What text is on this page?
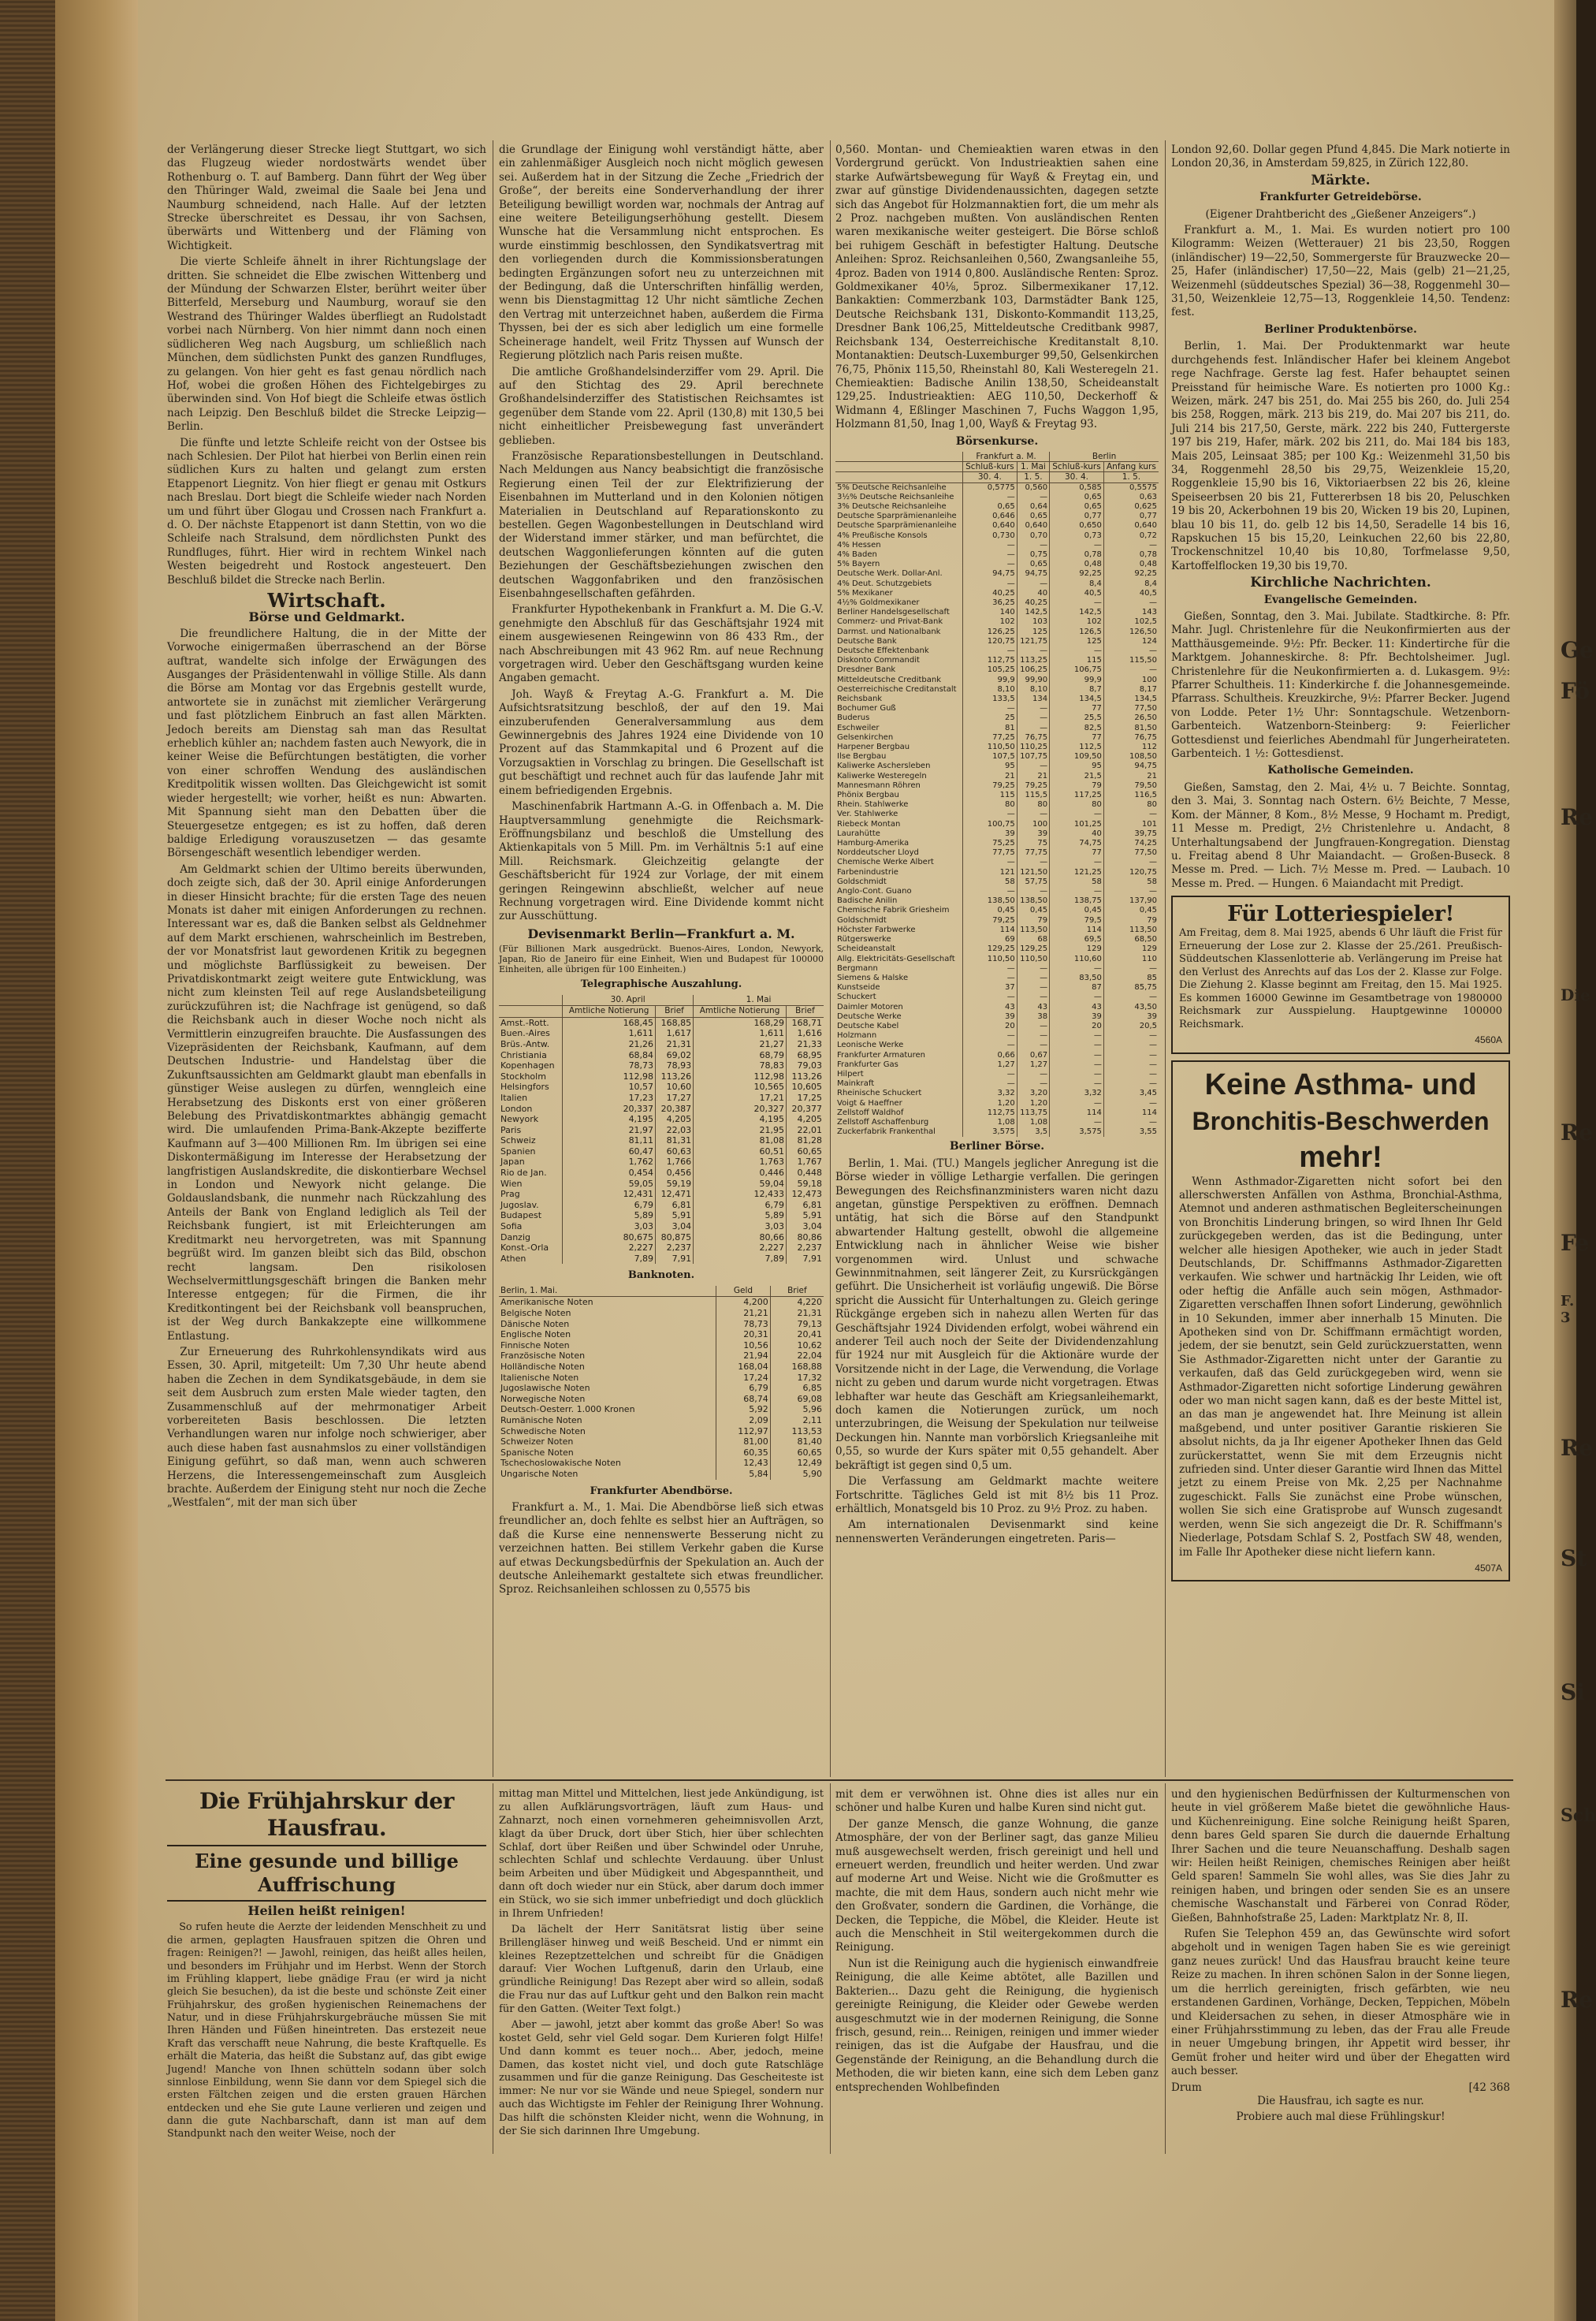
Ge
Fö
Re
Die
Re
Fe
F. 3
Re
St
Si
Sch
Re

der Verlängerung dieser Strecke liegt Stuttgart, wo sich das Flugzeug wieder nordostwärts wendet über Rothenburg o. T. auf Bamberg. Dann führt der Weg über den Thüringer Wald, zweimal die Saale bei Jena und Naumburg schneidend, nach Halle. Auf der letzten Strecke überschreitet es Dessau, ihr von Sachsen, überwärts und Wittenberg und der Fläming von Wichtigkeit.

Die vierte Schleife ähnelt in ihrer Richtungslage der dritten. Sie schneidet die Elbe zwischen Wittenberg und der Mündung der Schwarzen Elster, berührt weiter über Bitterfeld, Merseburg und Naumburg, worauf sie den Westrand des Thüringer Waldes überfliegt an Rudolstadt vorbei nach Nürnberg. Von hier nimmt dann noch einen südlicheren Weg nach Augsburg, um schließlich nach München, dem südlichsten Punkt des ganzen Rundfluges, zu gelangen. Von hier geht es fast genau nördlich nach Hof, wobei die großen Höhen des Fichtelgebirges zu überwinden sind. Von Hof biegt die Schleife etwas östlich nach Leipzig. Den Beschluß bildet die Strecke Leipzig—Berlin.

Die fünfte und letzte Schleife reicht von der Ostsee bis nach Schlesien. Der Pilot hat hierbei von Berlin einen rein südlichen Kurs zu halten und gelangt zum ersten Etappenort Liegnitz. Von hier fliegt er genau mit Ostkurs nach Breslau. Dort biegt die Schleife wieder nach Norden um und führt über Glogau und Crossen nach Frankfurt a. d. O. Der nächste Etappenort ist dann Stettin, von wo die Schleife nach Stralsund, dem nördlichsten Punkt des Rundfluges, führt. Hier wird in rechtem Winkel nach Westen beigedreht und Rostock angesteuert. Den Beschluß bildet die Strecke nach Berlin.

Wirtschaft.
Börse und Geldmarkt.

Die freundlichere Haltung, die in der Mitte der Vorwoche einigermaßen überraschend an der Börse auftrat, wandelte sich infolge der Erwägungen des Ausganges der Präsidentenwahl in völlige Stille. Als dann die Börse am Montag vor das Ergebnis gestellt wurde, antwortete sie in zunächst mit ziemlicher Verärgerung und fast plötzlichem Einbruch an fast allen Märkten. Jedoch bereits am Dienstag sah man das Resultat erheblich kühler an; nachdem fasten auch Newyork, die in keiner Weise die Befürchtungen bestätigten, die vorher von einer schroffen Wendung des ausländischen Kreditpolitik wissen wollten. Das Gleichgewicht ist somit wieder hergestellt; wie vorher, heißt es nun: Abwarten. Mit Spannung sieht man den Debatten über die Steuergesetze entgegen; es ist zu hoffen, daß deren baldige Erledigung vorauszusetzen — das gesamte Börsengeschäft wesentlich lebendiger werden.

Am Geldmarkt schien der Ultimo bereits überwunden, doch zeigte sich, daß der 30. April einige Anforderungen in dieser Hinsicht brachte; für die ersten Tage des neuen Monats ist daher mit einigen Anforderungen zu rechnen. Interessant war es, daß die Banken selbst als Geldnehmer auf dem Markt erschienen, wahrscheinlich im Bestreben, der vor Monatsfrist laut gewordenen Kritik zu begegnen und möglichste Barflüssigkeit zu beweisen. Der Privatdiskontmarkt zeigt weitere gute Entwicklung, was nicht zum kleinsten Teil auf rege Auslandsbeteiligung zurückzuführen ist; die Nachfrage ist genügend, so daß die Reichsbank auch in dieser Woche noch nicht als Vermittlerin einzugreifen brauchte. Die Ausfassungen des Vizepräsidenten der Reichsbank, Kaufmann, auf dem Deutschen Industrie- und Handelstag über die Zukunftsaussichten am Geldmarkt glaubt man ebenfalls in günstiger Weise auslegen zu dürfen, wenngleich eine Herabsetzung des Diskonts erst von einer größeren Belebung des Privatdiskontmarktes abhängig gemacht wird. Die umlaufenden Prima-Bank-Akzepte bezifferte Kaufmann auf 3—400 Millionen Rm. Im übrigen sei eine Diskontermäßigung im Interesse der Herabsetzung der langfristigen Auslandskredite, die diskontierbare Wechsel in London und Newyork nicht gelange. Die Goldauslandsbank, die nunmehr nach Rückzahlung des Anteils der Bank von England lediglich als Teil der Reichsbank fungiert, ist mit Erleichterungen am Kreditmarkt neu hervorgetreten, was mit Spannung begrüßt wird. Im ganzen bleibt sich das Bild, obschon recht langsam. Den risikolosen Wechselvermittlungsgeschäft bringen die Banken mehr Interesse entgegen; für die Firmen, die ihr Kreditkontingent bei der Reichsbank voll beanspruchen, ist der Weg durch Bankakzepte eine willkommene Entlastung.

Zur Erneuerung des Ruhrkohlensyndikats wird aus Essen, 30. April, mitgeteilt: Um 7,30 Uhr heute abend haben die Zechen in dem Syndikatsgebäude, in dem sie seit dem Ausbruch zum ersten Male wieder tagten, den Zusammenschluß auf der mehrmonatiger Arbeit vorbereiteten Basis beschlossen. Die letzten Verhandlungen waren nur infolge noch schwieriger, aber auch diese haben fast ausnahmslos zu einer vollständigen Einigung geführt, so daß man, wenn auch schweren Herzens, die Interessengemeinschaft zum Ausgleich brachte. Außerdem der Einigung steht nur noch die Zeche „Westfalen“, mit der man sich über

die Grundlage der Einigung wohl verständigt hätte, aber ein zahlenmäßiger Ausgleich noch nicht möglich gewesen sei. Außerdem hat in der Sitzung die Zeche „Friedrich der Große“, der bereits eine Sonderverhandlung der ihrer Beteiligung bewilligt worden war, nochmals der Antrag auf eine weitere Beteiligungserhöhung gestellt. Diesem Wunsche hat die Versammlung nicht entsprochen. Es wurde einstimmig beschlossen, den Syndikatsvertrag mit den vorliegenden durch die Kommissionsberatungen bedingten Ergänzungen sofort neu zu unterzeichnen mit der Bedingung, daß die Unterschriften hinfällig werden, wenn bis Dienstagmittag 12 Uhr nicht sämtliche Zechen den Vertrag mit unterzeichnet haben, außerdem die Firma Thyssen, bei der es sich aber lediglich um eine formelle Scheinerage handelt, weil Fritz Thyssen auf Wunsch der Regierung plötzlich nach Paris reisen mußte.

Die amtliche Großhandelsinderziffer vom 29. April. Die auf den Stichtag des 29. April berechnete Großhandelsinderziffer des Statistischen Reichsamtes ist gegenüber dem Stande vom 22. April (130,8) mit 130,5 bei nicht einheitlicher Preisbewegung fast unverändert geblieben.

Französische Reparationsbestellungen in Deutschland. Nach Meldungen aus Nancy beabsichtigt die französische Regierung einen Teil der zur Elektrifizierung der Eisenbahnen im Mutterland und in den Kolonien nötigen Materialien in Deutschland auf Reparationskonto zu bestellen. Gegen Wagonbestellungen in Deutschland wird der Widerstand immer stärker, und man befürchtet, die deutschen Waggonlieferungen könnten auf die guten Beziehungen der Geschäftsbeziehungen zwischen den deutschen Waggonfabriken und den französischen Eisenbahngesellschaften gefährden.

Frankfurter Hypothekenbank in Frankfurt a. M. Die G.-V. genehmigte den Abschluß für das Geschäftsjahr 1924 mit einem ausgewiesenen Reingewinn von 86 433 Rm., der nach Abschreibungen mit 43 962 Rm. auf neue Rechnung vorgetragen wird. Ueber den Geschäftsgang wurden keine Angaben gemacht.

Joh. Wayß & Freytag A.-G. Frankfurt a. M. Die Aufsichtsratsitzung beschloß, der auf den 19. Mai einzuberufenden Generalversammlung aus dem Gewinnergebnis des Jahres 1924 eine Dividende von 10 Prozent auf das Stammkapital und 6 Prozent auf die Vorzugsaktien in Vorschlag zu bringen. Die Gesellschaft ist gut beschäftigt und rechnet auch für das laufende Jahr mit einem befriedigenden Ergebnis.

Maschinenfabrik Hartmann A.-G. in Offenbach a. M. Die Hauptversammlung genehmigte die Reichsmark-Eröffnungsbilanz und beschloß die Umstellung des Aktienkapitals von 5 Mill. Pm. im Verhältnis 5:1 auf eine Mill. Reichsmark. Gleichzeitig gelangte der Geschäftsbericht für 1924 zur Vorlage, der mit einem geringen Reingewinn abschließt, welcher auf neue Rechnung vorgetragen wird. Eine Dividende kommt nicht zur Ausschüttung.

Devisenmarkt Berlin—Frankfurt a. M.

(Für Billionen Mark ausgedrückt. Buenos-Aires, London, Newyork, Japan, Rio de Janeiro für eine Einheit, Wien und Budapest für 100000 Einheiten, alle übrigen für 100 Einheiten.)

Telegraphische Auszahlung.
	30. April		1. Mai	
	Amtliche Notierung	Brief	Amtliche Notierung	Brief
Amst.-Rott.	168,45	168,85	168,29	168,71
Buen.-Aires	1,611	1,617	1,611	1,616
Brüs.-Antw.	21,26	21,31	21,27	21,33
Christiania	68,84	69,02	68,79	68,95
Kopenhagen	78,73	78,93	78,83	79,03
Stockholm	112,98	113,26	112,98	113,26
Helsingfors	10,57	10,60	10,565	10,605
Italien	17,23	17,27	17,21	17,25
London	20,337	20,387	20,327	20,377
Newyork	4,195	4,205	4,195	4,205
Paris	21,97	22,03	21,95	22,01
Schweiz	81,11	81,31	81,08	81,28
Spanien	60,47	60,63	60,51	60,65
Japan	1,762	1,766	1,763	1,767
Rio de Jan.	0,454	0,456	0,446	0,448
Wien	59,05	59,19	59,04	59,18
Prag	12,431	12,471	12,433	12,473
Jugoslav.	6,79	6,81	6,79	6,81
Budapest	5,89	5,91	5,89	5,91
Sofia	3,03	3,04	3,03	3,04
Danzig	80,675	80,875	80,66	80,86
Konst.-Orla	2,227	2,237	2,227	2,237
Athen	7,89	7,91	7,89	7,91
Banknoten.
Berlin, 1. Mai.	Geld	Brief
Amerikanische Noten	4,200	4,220
Belgische Noten	21,21	21,31
Dänische Noten	78,73	79,13
Englische Noten	20,31	20,41
Finnische Noten	10,56	10,62
Französische Noten	21,94	22,04
Holländische Noten	168,04	168,88
Italienische Noten	17,24	17,32
Jugoslawische Noten	6,79	6,85
Norwegische Noten	68,74	69,08
Deutsch-Oesterr. 1.000 Kronen	5,92	5,96
Rumänische Noten	2,09	2,11
Schwedische Noten	112,97	113,53
Schweizer Noten	81,00	81,40
Spanische Noten	60,35	60,65
Tschechoslowakische Noten	12,43	12,49
Ungarische Noten	5,84	5,90
Frankfurter Abendbörse.

Frankfurt a. M., 1. Mai. Die Abendbörse ließ sich etwas freundlicher an, doch fehlte es selbst hier an Aufträgen, so daß die Kurse eine nennenswerte Besserung nicht zu verzeichnen hatten. Bei stillem Verkehr gaben die Kurse auf etwas Deckungsbedürfnis der Spekulation an. Auch der deutsche Anleihemarkt gestaltete sich etwas freundlicher. Sproz. Reichsanleihen schlossen zu 0,5575 bis

0,560. Montan- und Chemieaktien waren etwas in den Vordergrund gerückt. Von Industrieaktien sahen eine starke Aufwärtsbewegung für Wayß & Freytag ein, und zwar auf günstige Dividendenaussichten, dagegen setzte sich das Angebot für Holzmannaktien fort, die um mehr als 2 Proz. nachgeben mußten. Von ausländischen Renten waren mexikanische weiter gesteigert. Die Börse schloß bei ruhigem Geschäft in befestigter Haltung. Deutsche Anleihen: Sproz. Reichsanleihen 0,560, Zwangsanleihe 55, 4proz. Baden von 1914 0,800. Ausländische Renten: Sproz. Goldmexikaner 40⅛, 5proz. Silbermexikaner 17,12. Bankaktien: Commerzbank 103, Darmstädter Bank 125, Deutsche Reichsbank 131, Diskonto-Kommandit 113,25, Dresdner Bank 106,25, Mitteldeutsche Creditbank 9987, Reichsbank 134, Oesterreichische Kreditanstalt 8,10. Montanaktien: Deutsch-Luxemburger 99,50, Gelsenkirchen 76,75, Phönix 115,50, Rheinstahl 80, Kali Westeregeln 21. Chemieaktien: Badische Anilin 138,50, Scheideanstalt 129,25. Industrieaktien: AEG 110,50, Deckerhoff & Widmann 4, Eßlinger Maschinen 7, Fuchs Waggon 1,95, Holzmann 81,50, Inag 1,00, Wayß & Freytag 93.

Börsenkurse.
	Frankfurt a. M.		Berlin	
	Schluß-kurs	1. Mai	Schluß-kurs	Anfang kurs
	30. 4.	1. 5.	30. 4.	1. 5.
5% Deutsche Reichsanleihe	0,5775	0,560	0,585	0,5575
3½% Deutsche Reichsanleihe	—	—	0,65	0,63
3% Deutsche Reichsanleihe	0,65	0,64	0,65	0,625
Deutsche Sparprämienanleihe	0,646	0,65	0,77	0,77
Deutsche Sparprämienanleihe	0,640	0,640	0,650	0,640
4% Preußische Konsols	0,730	0,70	0,73	0,72
4% Hessen	—	—	—	—
4% Baden	—	0,75	0,78	0,78
5% Bayern	—	0,65	0,48	0,48
Deutsche Werk. Dollar-Anl.	94,75	94,75	92,25	92,25
4% Deut. Schutzgebiets	—	—	8,4	8,4
5% Mexikaner	40,25	40	40,5	40,5
4½% Goldmexikaner	36,25	40,25	—	—
Berliner Handelsgesellschaft	140	142,5	142,5	143
Commerz- und Privat-Bank	102	103	102	102,5
Darmst. und Nationalbank	126,25	125	126,5	126,50
Deutsche Bank	120,75	121,75	125	124
Deutsche Effektenbank	—	—	—	—
Diskonto Commandit	112,75	113,25	115	115,50
Dresdner Bank	105,25	106,25	106,75	—
Mitteldeutsche Creditbank	99,9	99,90	99,9	100
Oesterreichische Creditanstalt	8,10	8,10	8,7	8,17
Reichsbank	133,5	134	134,5	134,5
Bochumer Guß	—	—	77	77,50
Buderus	25	—	25,5	26,50
Eschweiler	81	—	82,5	81,50
Gelsenkirchen	77,25	76,75	77	76,75
Harpener Bergbau	110,50	110,25	112,5	112
Ilse Bergbau	107,5	107,75	109,50	108,50
Kaliwerke Aschersleben	95	—	95	94,75
Kaliwerke Westeregeln	21	21	21,5	21
Mannesmann Röhren	79,25	79,25	79	79,50
Phönix Bergbau	115	115,5	117,25	116,5
Rhein. Stahlwerke	80	80	80	80
Ver. Stahlwerke	—	—	—	—
Riebeck Montan	100,75	100	101,25	101
Laurahütte	39	39	40	39,75
Hamburg-Amerika	75,25	75	74,75	74,25
Norddeutscher Lloyd	77,75	77,75	77	77,50
Chemische Werke Albert	—	—	—	—
Farbenindustrie	121	121,50	121,25	120,75
Goldschmidt	58	57,75	58	58
Anglo-Cont. Guano	—	—	—	—
Badische Anilin	138,50	138,50	138,75	137,90
Chemische Fabrik Griesheim	0,45	0,45	0,45	0,45
Goldschmidt	79,25	79	79,5	79
Höchster Farbwerke	114	113,50	114	113,50
Rütgerswerke	69	68	69,5	68,50
Scheideanstalt	129,25	129,25	129	129
Allg. Elektricitäts-Gesellschaft	110,50	110,50	110,60	110
Bergmann	—	—	—	—
Siemens & Halske	—	—	83,50	85
Kunstseide	37	—	87	85,75
Schuckert	—	—	—	—
Daimler Motoren	43	43	43	43,50
Deutsche Werke	39	38	39	39
Deutsche Kabel	20	—	20	20,5
Holzmann	—	—	—	—
Leonische Werke	—	—	—	—
Frankfurter Armaturen	0,66	0,67	—	—
Frankfurter Gas	1,27	1,27	—	—
Hilpert	—	—	—	—
Mainkraft	—	—	—	—
Rheinische Schuckert	3,32	3,20	3,32	3,45
Voigt & Haeffner	1,20	1,20	—	—
Zellstoff Waldhof	112,75	113,75	114	114
Zellstoff Aschaffenburg	1,08	1,08	—	—
Zuckerfabrik Frankenthal	3,575	3,5	3,575	3,55
Berliner Börse.

Berlin, 1. Mai. (TU.) Mangels jeglicher Anregung ist die Börse wieder in völlige Lethargie verfallen. Die geringen Bewegungen des Reichsfinanzministers waren nicht dazu angetan, günstige Perspektiven zu eröffnen. Demnach untätig, hat sich die Börse auf den Standpunkt abwartender Haltung gestellt, obwohl die allgemeine Entwicklung nach in ähnlicher Weise wie bisher vorgenommen wird. Unlust und schwache Gewinnmitnahmen, seit längerer Zeit, zu Kursrückgängen geführt. Die Unsicherheit ist vorläufig ungewiß. Die Börse spricht die Aussicht für Unterhaltungen zu. Gleich geringe Rückgänge ergeben sich in nahezu allen Werten für das Geschäftsjahr 1924 Dividenden erfolgt, wobei während ein anderer Teil auch noch der Seite der Dividendenzahlung für 1924 nur mit Ausgleich für die Aktionäre wurde der Vorsitzende nicht in der Lage, die Verwendung, die Vorlage nicht zu geben und darum wurde nicht vorgetragen. Etwas lebhafter war heute das Geschäft am Kriegsanleihemarkt, doch kamen die Notierungen zurück, um noch unterzubringen, die Weisung der Spekulation nur teilweise Deckungen hin. Nannte man vorbörslich Kriegsanleihe mit 0,55, so wurde der Kurs später mit 0,55 gehandelt. Aber bekräftigt ist gegen sind 0,5 um.

Die Verfassung am Geldmarkt machte weitere Fortschritte. Tägliches Geld ist mit 8½ bis 11 Proz. erhältlich, Monatsgeld bis 10 Proz. zu 9½ Proz. zu haben.

Am internationalen Devisenmarkt sind keine nennenswerten Veränderungen eingetreten. Paris—

London 92,60. Dollar gegen Pfund 4,845. Die Mark notierte in London 20,36, in Amsterdam 59,825, in Zürich 122,80.

Märkte.
Frankfurter Getreidebörse.

(Eigener Drahtbericht des „Gießener Anzeigers“.)

Frankfurt a. M., 1. Mai. Es wurden notiert pro 100 Kilogramm: Weizen (Wetterauer) 21 bis 23,50, Roggen (inländischer) 19—22,50, Sommergerste für Brauzwecke 20—25, Hafer (inländischer) 17,50—22, Mais (gelb) 21—21,25, Weizenmehl (süddeutsches Spezial) 36—38, Roggenmehl 30—31,50, Weizenkleie 12,75—13, Roggenkleie 14,50. Tendenz: fest.

Berliner Produktenbörse.

Berlin, 1. Mai. Der Produktenmarkt war heute durchgehends fest. Inländischer Hafer bei kleinem Angebot rege Nachfrage. Gerste lag fest. Hafer behauptet seinen Preisstand für heimische Ware. Es notierten pro 1000 Kg.: Weizen, märk. 247 bis 251, do. Mai 255 bis 260, do. Juli 254 bis 258, Roggen, märk. 213 bis 219, do. Mai 207 bis 211, do. Juli 214 bis 217,50, Gerste, märk. 222 bis 240, Futtergerste 197 bis 219, Hafer, märk. 202 bis 211, do. Mai 184 bis 183, Mais 205, Leinsaat 385; per 100 Kg.: Weizenmehl 31,50 bis 34, Roggenmehl 28,50 bis 29,75, Weizenkleie 15,20, Roggenkleie 15,90 bis 16, Viktoriaerbsen 22 bis 26, kleine Speiseerbsen 20 bis 21, Futtererbsen 18 bis 20, Peluschken 19 bis 20, Ackerbohnen 19 bis 20, Wicken 19 bis 20, Lupinen, blau 10 bis 11, do. gelb 12 bis 14,50, Seradelle 14 bis 16, Rapskuchen 15 bis 15,20, Leinkuchen 22,60 bis 22,80, Trockenschnitzel 10,40 bis 10,80, Torfmelasse 9,50, Kartoffelflocken 19,30 bis 19,70.

Kirchliche Nachrichten.
Evangelische Gemeinden.

Gießen, Sonntag, den 3. Mai. Jubilate. Stadtkirche. 8: Pfr. Mahr. Jugl. Christenlehre für die Neukonfirmierten aus der Matthäusgemeinde. 9½: Pfr. Becker. 11: Kindertirche für die Marktgem. Johanneskirche. 8: Pfr. Bechtolsheimer. Jugl. Christenlehre für die Neukonfirmierten a. d. Lukasgem. 9½: Pfarrer Schultheis. 11: Kinderkirche f. die Johannesgemeinde. Pfarrass. Schultheis. Kreuzkirche, 9½: Pfarrer Becker. Jugend von Lodde. Peter 1½ Uhr: Sonntagschule. Wetzenborn-Garbenteich. Watzenborn-Steinberg: 9: Feierlicher Gottesdienst und feierliches Abendmahl für Jungerheirateten. Garbenteich. 1 ½: Gottesdienst.

Katholische Gemeinden.

Gießen, Samstag, den 2. Mai, 4½ u. 7 Beichte. Sonntag, den 3. Mai, 3. Sonntag nach Ostern. 6½ Beichte, 7 Messe, Kom. der Männer, 8 Kom., 8½ Messe, 9 Hochamt m. Predigt, 11 Messe m. Predigt, 2½ Christenlehre u. Andacht, 8 Unterhaltungsabend der Jungfrauen-Kongregation. Dienstag u. Freitag abend 8 Uhr Maiandacht. — Großen-Buseck. 8 Messe m. Pred. — Lich. 7½ Messe m. Pred. — Laubach. 10 Messe m. Pred. — Hungen. 6 Maiandacht mit Predigt.

Für Lotteriespieler!

Am Freitag, dem 8. Mai 1925, abends 6 Uhr läuft die Frist für Erneuerung der Lose zur 2. Klasse der 25./261. Preußisch-Süddeutschen Klassenlotterie ab. Verlängerung im Preise hat den Verlust des Anrechts auf das Los der 2. Klasse zur Folge. Die Ziehung 2. Klasse beginnt am Freitag, den 15. Mai 1925. Es kommen 16000 Gewinne im Gesamtbetrage von 1980000 Reichsmark zur Ausspielung. Hauptgewinne 100000 Reichsmark.

4560A
Keine Asthma- und
Bronchitis-Beschwerden
mehr!

Wenn Asthmador-Zigaretten nicht sofort bei den allerschwersten Anfällen von Asthma, Bronchial-Asthma, Atemnot und anderen asthmatischen Begleiterscheinungen von Bronchitis Linderung bringen, so wird Ihnen Ihr Geld zurückgegeben werden, das ist die Bedingung, unter welcher alle hiesigen Apotheker, wie auch in jeder Stadt Deutschlands, Dr. Schiffmanns Asthmador-Zigaretten verkaufen. Wie schwer und hartnäckig Ihr Leiden, wie oft oder heftig die Anfälle auch sein mögen, Asthmador-Zigaretten verschaffen Ihnen sofort Linderung, gewöhnlich in 10 Sekunden, immer aber innerhalb 15 Minuten. Die Apotheken sind von Dr. Schiffmann ermächtigt worden, jedem, der sie benutzt, sein Geld zurückzuerstatten, wenn Sie Asthmador-Zigaretten nicht unter der Garantie zu verkaufen, daß das Geld zurückgegeben wird, wenn sie Asthmador-Zigaretten nicht sofortige Linderung gewähren oder wo man nicht sagen kann, daß es der beste Mittel ist, an das man je angewendet hat. Ihre Meinung ist allein maßgebend, und unter positiver Garantie riskieren Sie absolut nichts, da ja Ihr eigener Apotheker Ihnen das Geld zurückerstattet, wenn Sie mit dem Erzeugnis nicht zufrieden sind. Unter dieser Garantie wird Ihnen das Mittel jetzt zu einem Preise von Mk. 2,25 per Nachnahme zugeschickt. Falls Sie zunächst eine Probe wünschen, wollen Sie sich eine Gratisprobe auf Wunsch zugesandt werden, wenn Sie sich angezeigt die Dr. R. Schiffmann's Niederlage, Potsdam Schlaf S. 2, Postfach SW 48, wenden, im Falle Ihr Apotheker diese nicht liefern kann.

4507A
Die Frühjahrskur der Hausfrau.
Eine gesunde und billige Auffrischung
Heilen heißt reinigen!

So rufen heute die Aerzte der leidenden Menschheit zu und die armen, geplagten Hausfrauen spitzen die Ohren und fragen: Reinigen?! — Jawohl, reinigen, das heißt alles heilen, und besonders im Frühjahr und im Herbst. Wenn der Storch im Frühling klappert, liebe gnädige Frau (er wird ja nicht gleich Sie besuchen), da ist die beste und schönste Zeit einer Frühjahrskur, des großen hygienischen Reinemachens der Natur, und in diese Frühjahrskurgebräuche müssen Sie mit Ihren Händen und Füßen hineintreten. Das erstezeit neue Kraft das verschafft neue Nahrung, die beste Kraftquelle. Es erhält die Materia, das heißt die Substanz auf, das gibt ewige Jugend! Manche von Ihnen schütteln sodann über solch sinnlose Einbildung, wenn Sie dann vor dem Spiegel sich die ersten Fältchen zeigen und die ersten grauen Härchen entdecken und ehe Sie gute Laune verlieren und zeigen und dann die gute Nachbarschaft, dann ist man auf dem Standpunkt nach den weiter Weise, noch der

mittag man Mittel und Mittelchen, liest jede Ankündigung, ist zu allen Aufklärungsvorträgen, läuft zum Haus- und Zahnarzt, noch einen vornehmeren geheimnisvollen Arzt, klagt da über Druck, dort über Stich, hier über schlechten Schlaf, dort über Reißen und über Schwindel oder Unruhe, schlechten Schlaf und schlechte Verdauung. über Unlust beim Arbeiten und über Müdigkeit und Abgespanntheit, und dann oft doch wieder nur ein Stück, aber darum doch immer ein Stück, wo sie sich immer unbefriedigt und doch glücklich in Ihrem Unfrieden!

Da lächelt der Herr Sanitätsrat listig über seine Brillengläser hinweg und weiß Bescheid. Und er nimmt ein kleines Rezeptzettelchen und schreibt für die Gnädigen darauf: Vier Wochen Luftgenuß, darin den Urlaub, eine gründliche Reinigung! Das Rezept aber wird so allein, sodaß die Frau nur das auf Luftkur geht und den Balkon rein macht für den Gatten. (Weiter Text folgt.)

Aber — jawohl, jetzt aber kommt das große Aber! So was kostet Geld, sehr viel Geld sogar. Dem Kurieren folgt Hilfe! Und dann kommt es teuer noch... Aber, jedoch, meine Damen, das kostet nicht viel, und doch gute Ratschläge zusammen und für die ganze Reinigung. Das Gescheiteste ist immer: Ne nur vor sie Wände und neue Spiegel, sondern nur auch das Wichtigste im Fehler der Reinigung Ihrer Wohnung. Das hilft die schönsten Kleider nicht, wenn die Wohnung, in der Sie sich darinnen Ihre Umgebung.

mit dem er verwöhnen ist. Ohne dies ist alles nur ein schöner und halbe Kuren und halbe Kuren sind nicht gut.

Der ganze Mensch, die ganze Wohnung, die ganze Atmosphäre, der von der Berliner sagt, das ganze Milieu muß ausgewechselt werden, frisch gereinigt und hell und erneuert werden, freundlich und heiter werden. Und zwar auf moderne Art und Weise. Nicht wie die Großmutter es machte, die mit dem Haus, sondern auch nicht mehr wie den Großvater, sondern die Gardinen, die Vorhänge, die Decken, die Teppiche, die Möbel, die Kleider. Heute ist auch die Menschheit in Stil weitergekommen durch die Reinigung.

Nun ist die Reinigung auch die hygienisch einwandfreie Reinigung, die alle Keime abtötet, alle Bazillen und Bakterien... Dazu geht die Reinigung, die hygienisch gereinigte Reinigung, die Kleider oder Gewebe werden ausgeschmutzt wie in der modernen Reinigung, die Sonne frisch, gesund, rein... Reinigen, reinigen und immer wieder reinigen, das ist die Aufgabe der Hausfrau, und die Gegenstände der Reinigung, an die Behandlung durch die Methoden, die wir bieten kann, eine sich dem Leben ganz entsprechenden Wohlbefinden

und den hygienischen Bedürfnissen der Kulturmenschen von heute in viel größerem Maße bietet die gewöhnliche Haus- und Küchenreinigung. Eine solche Reinigung heißt Sparen, denn bares Geld sparen Sie durch die dauernde Erhaltung Ihrer Sachen und die teure Neuanschaffung. Deshalb sagen wir: Heilen heißt Reinigen, chemisches Reinigen aber heißt Geld sparen! Sammeln Sie wohl alles, was Sie dies Jahr zu reinigen haben, und bringen oder senden Sie es an unsere chemische Waschanstalt und Färberei von Conrad Röder, Gießen, Bahnhofstraße 25, Laden: Marktplatz Nr. 8, II.

Rufen Sie Telephon 459 an, das Gewünschte wird sofort abgeholt und in wenigen Tagen haben Sie es wie gereinigt ganz neues zurück! Und das Hausfrau braucht keine teure Reize zu machen. In ihren schönen Salon in der Sonne liegen, um die herrlich gereinigten, frisch gefärbten, wie neu erstandenen Gardinen, Vorhänge, Decken, Teppichen, Möbeln und Kleidersachen zu sehen, in dieser Atmosphäre wie in einer Frühjahrsstimmung zu leben, das der Frau alle Freude in neuer Umgebung bringen, ihr Appetit wird besser, ihr Gemüt froher und heiter wird und über der Ehegatten wird auch besser.

Drum	[42 368

Die Hausfrau, ich sagte es nur.

Probiere auch mal diese Frühlingskur!
